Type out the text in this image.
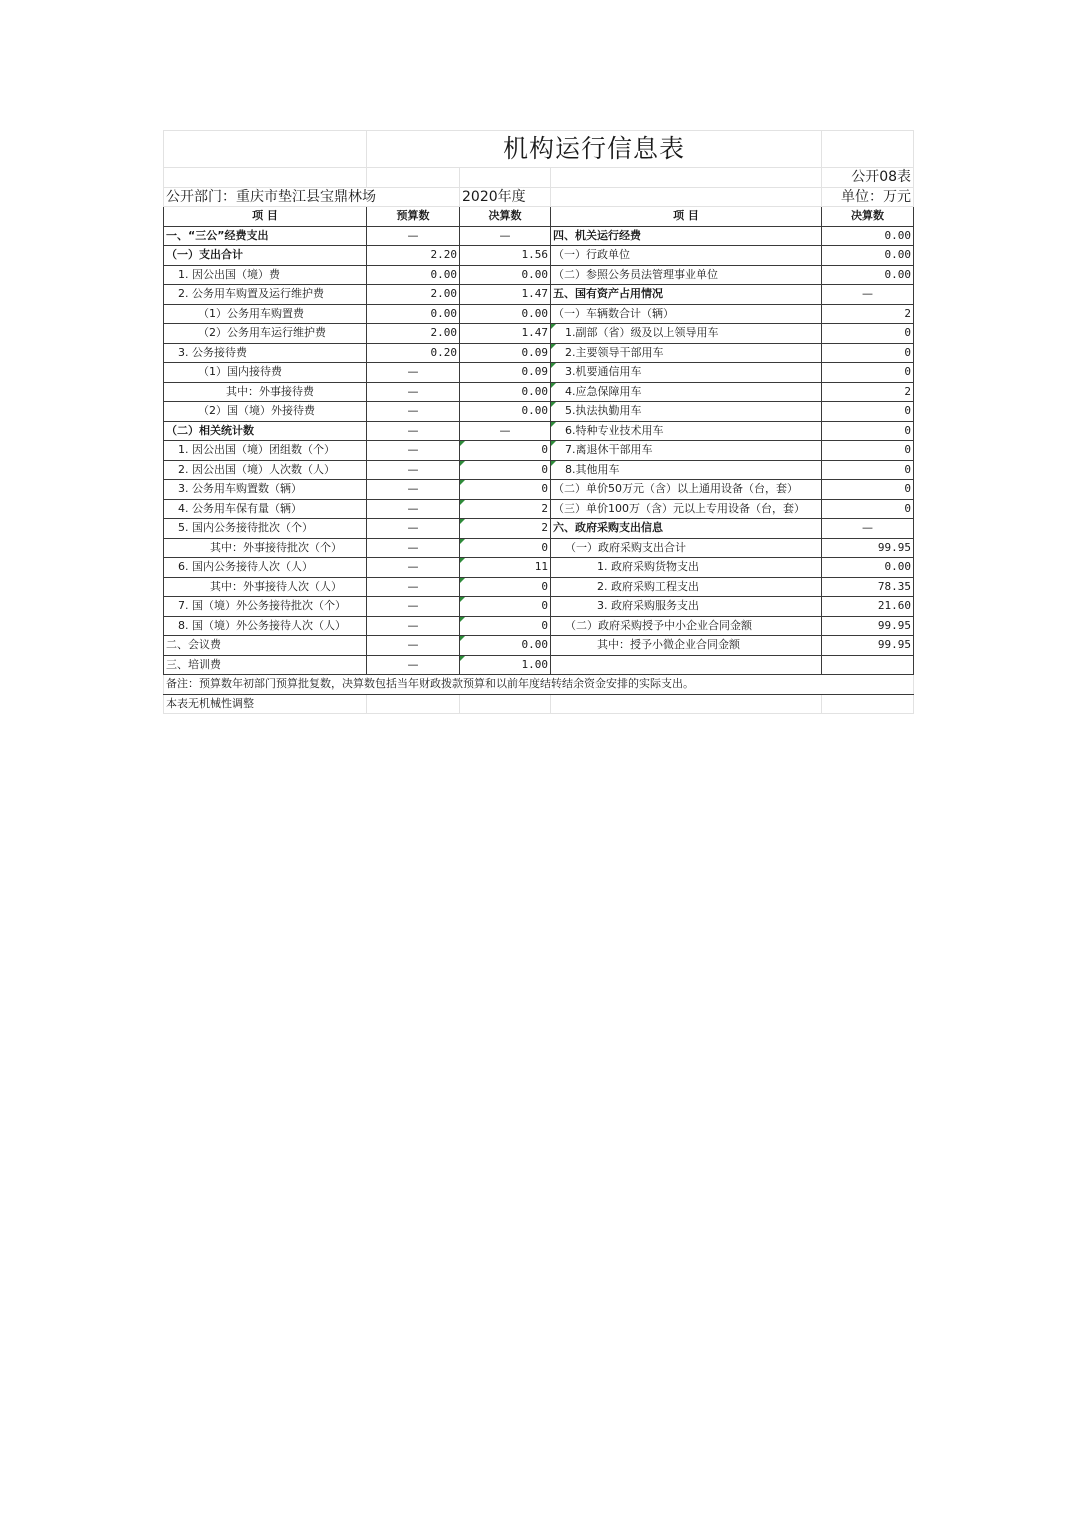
	机构运行信息表			
				公开08表
公开部门：重庆市垫江县宝鼎林场		2020年度		单位：万元
项 目	预算数	决算数	项 目	决算数
一、“三公”经费支出	—	—	四、机关运行经费	0.00
（一）支出合计	2.20	1.56	（一）行政单位	0.00
1. 因公出国（境）费	0.00	0.00	（二）参照公务员法管理事业单位	0.00
2. 公务用车购置及运行维护费	2.00	1.47	五、国有资产占用情况	—
（1）公务用车购置费	0.00	0.00	（一）车辆数合计（辆）	2
（2）公务用车运行维护费	2.00	1.47	1.副部（省）级及以上领导用车	0
3. 公务接待费	0.20	0.09	2.主要领导干部用车	0
（1）国内接待费	—	0.09	3.机要通信用车	0
其中：外事接待费	—	0.00	4.应急保障用车	2
（2）国（境）外接待费	—	0.00	5.执法执勤用车	0
（二）相关统计数	—	—	6.特种专业技术用车	0
1. 因公出国（境）团组数（个）	—	0	7.离退休干部用车	0
2. 因公出国（境）人次数（人）	—	0	8.其他用车	0
3. 公务用车购置数（辆）	—	0	（二）单价50万元（含）以上通用设备（台，套）	0
4. 公务用车保有量（辆）	—	2	（三）单价100万（含）元以上专用设备（台，套）	0
5. 国内公务接待批次（个）	—	2	六、政府采购支出信息	—
其中：外事接待批次（个）	—	0	（一）政府采购支出合计	99.95
6. 国内公务接待人次（人）	—	11	1. 政府采购货物支出	0.00
其中：外事接待人次（人）	—	0	2. 政府采购工程支出	78.35
7. 国（境）外公务接待批次（个）	—	0	3. 政府采购服务支出	21.60
8. 国（境）外公务接待人次（人）	—	0	（二）政府采购授予中小企业合同金额	99.95
二、会议费	—	0.00	其中：授予小微企业合同金额	99.95
三、培训费	—	1.00		
备注：预算数年初部门预算批复数，决算数包括当年财政拨款预算和以前年度结转结余资金安排的实际支出。				
本表无机械性调整				
